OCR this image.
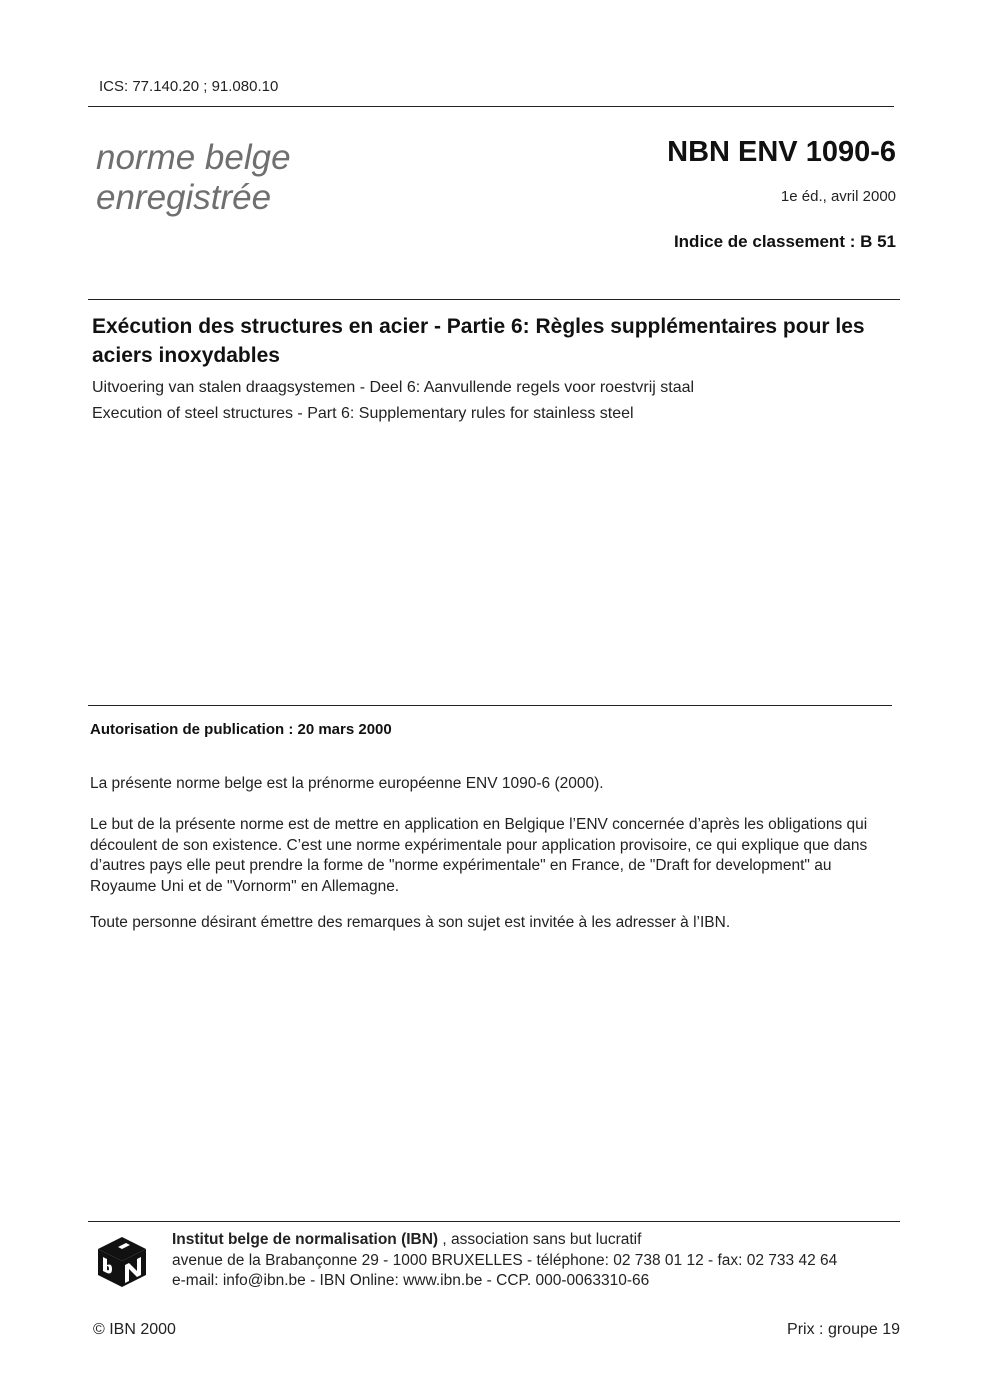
ICS: 77.140.20 ; 91.080.10
norme belge
enregistrée
NBN ENV 1090-6
1e éd., avril 2000
Indice de classement : B 51
Exécution des structures en acier - Partie 6: Règles supplémentaires pour les aciers inoxydables
Uitvoering van stalen draagsystemen - Deel 6: Aanvullende regels voor roestvrij staal
Execution of steel structures - Part 6: Supplementary rules for stainless steel
Autorisation de publication : 20 mars 2000
La présente norme belge est la prénorme européenne ENV 1090-6 (2000).
Le but de la présente norme est de mettre en application en Belgique l’ENV concernée d’après les obligations qui découlent de son existence. C’est une norme expérimentale pour application provisoire, ce qui explique que dans d’autres pays elle peut prendre la forme de "norme expérimentale" en France, de "Draft for development" au Royaume Uni et de "Vornorm" en Allemagne.
Toute personne désirant émettre des remarques à son sujet est invitée à les adresser à l’IBN.
Institut belge de normalisation (IBN) , association sans but lucratif
avenue de la Brabançonne 29 - 1000 BRUXELLES - téléphone: 02 738 01 12 - fax: 02 733 42 64
e-mail: info@ibn.be - IBN Online: www.ibn.be - CCP. 000-0063310-66
© IBN 2000	Prix : groupe 19
